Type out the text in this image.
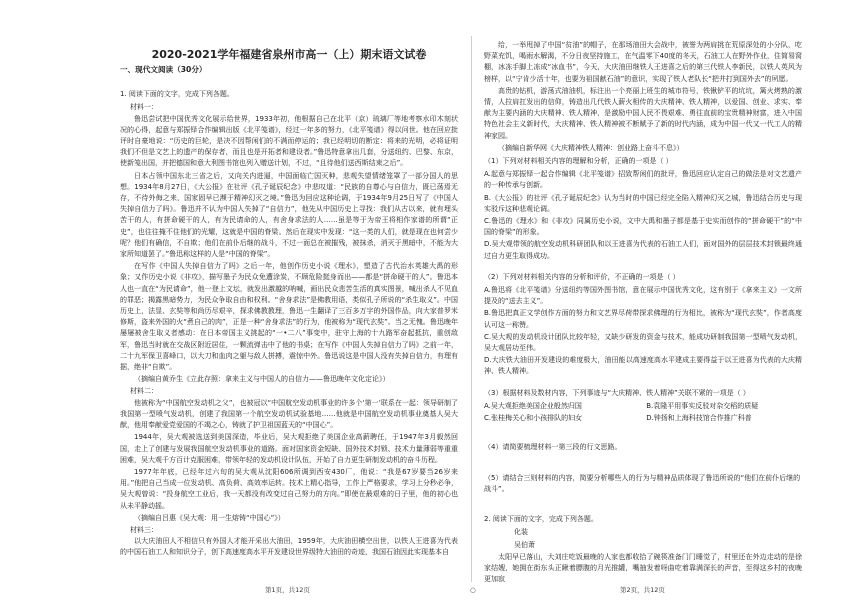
2020-2021学年福建省泉州市高一（上）期末语文试卷
一、现代文阅读（30分）
1. 阅读下面的文字，完成下列各题。
材料一：
鲁迅尝试把中国优秀文化展示给世界，1933年初，他根据自己在北平（京）琉璃厂等地考察水印木刻状况的心得，起意与郑振铎合作编辑出版《北平笺谱》，经过一年多的努力，《北平笺谱》得以问世。他在回应批评时自豪地说：“历史的巨轮，是决不因帮闲们的不满而停运的；我已经明切的断定：将来的光明，必将证明我们不但是文艺上的遗产的保存者，而且也是开拓者和建设者。”鲁迅特意拿出几套，分送纽约、巴黎、东京，使新笺出国，并把德国和意大利图书馆也列入赠送计划，不过，“且待他们送西斯结束之后”。
日本占领中国东北三省之后，又向关内进逼，中国面临亡国灭种，悲观失望情绪笼罩了一部分国人的思想。1934年8月27日，《大公报》在社评《孔子诞辰纪念》中悲叹道：“民族的自尊心与自信力，既已荡焉无存，不待外侮之来，国家固早已濒于精神幻灭之境。”鲁迅为回应这种论调，于1934年9月25日写了《中国人失掉自信力了吗》。鲁迅并不认为中国人失掉了“自信力”，他先从中国历史上寻找：我们从古以来，就有埋头苦干的人，有拼命硬干的人，有为民请命的人，有舍身求法的人……虽是等于为帝王将相作家谱的所谓“正史”，也往往掩不住他们的光耀，这就是中国的脊梁。然后在现实中发现：“这一类的人们，就是现在也何尝少呢？他们有确信，不自欺；他们在前仆后继的战斗，不过一面总在被摧残，被抹杀，消灭于黑暗中，不能为大家所知道罢了。”鲁迅称这样的人是“中国的脊梁”。
在写作《中国人失掉自信力了吗》之后一年，他创作历史小说《理水》，塑造了古代治水英雄大禹的形象；又作历史小说《非攻》，描写墨子为民众免遭涂炭，不顾危险挺身而出——都是“拼命硬干的人”。鲁迅本人也一直在“为民请命”，他一登上文坛，就发出激越的呐喊，画出民众悲苦生活的真实图景，喊出杀人不见血的罪恶；揭露黑暗势力，为民众争取自由和权利。“舍身求法”是佛教用语，类似孔子所说的“杀生取义”。中国历史上，法显、玄奘等和尚历尽艰辛，探求佛教教理，鲁迅一生翻译了三百多万字的外国作品，向大家普罗米修斯，盗来外国的火“煮自己的肉”，正是一种“舍身求法”的行为，他被称为“现代玄奘”。当之无愧。鲁迅晚年屡屡被舍生取义者感动：在日本帝国主义挑起的“一•二八”事变中，驻守上海的十九路军奋起抵抗，重创敌军，鲁迅当时就在交战区附近居住，一颗流弹击中了他的书桌；在写作《中国人失掉自信力了吗》之前一年，二十九军保卫喜峰口，以大刀和血肉之躯与敌人拼搏，震惊中外。鲁迅说这是中国人没有失掉自信力，有理有据，绝非“自欺”。
（摘编自黄乔生《立此存照：拿来主义与中国人的自信力——鲁迅晚年文化定论》）
材料二：
他被称为“中国航空发动机之父”，也被冠以“中国航空发动机事业的许多个‘第一’联系在一起：领导研制了我国第一型喷气发动机，创建了我国第一个航空发动机试验基地……他就是中国航空发动机事业奠基人吴大猷，他用奉献爱党爱国的不竭之心，铸就了护卫祖国蓝天的“中国心”。
1944年，吴大观被选送到美国深造，毕业后，吴大观拒绝了美国企业高薪聘任，于1947年3月毅然回国，走上了创建与发展我国航空发动机事业的道路。面对国家资金短缺、国外技术封锁、技术力量薄弱等重重困难，吴大观千方百计克服困难，带领年轻的发动机设计队伍，开始了自力更生研制发动机的奋斗历程。
1977年年底，已经年过六旬的吴大观从沈阳606所调到西安430厂，他说：“我是67岁要当26岁来用。”他把自己当成一位发动机、高负荷、高效率运转。技术上精心指导，工作上严格要求，学习上分秒必争，吴大观曾说：“投身航空工业后，我一天都没有改变过自己努力的方向。”即使在最艰难的日子里，他的初心也从未平静动摇。
（摘编自吕惠《吴大观：用一生熔铸“中国心”》）
材料三：
以大庆油田人不相信只有外国人才能开采出大油田，1959年，大庆油田横空出世，以铁人王进喜为代表的中国石油工人和知识分子，创下高速度高水平开发建设世界级特大油田的奇迹，我国石油因此实现基本自
给，一举甩掉了中国“贫油”的帽子，在那场油田大会战中，被誉为两肩挑在荒原深处的小分队，吃野菜充饥，喝雨水解渴，不分日夜坚持施工，在气温零下40度的冬天，石油工人在野外作业，住简易窝棚，冰冻手脚上冻成“冰血书”，今天，大庆油田继铁人王进喜之后的第三代铁人李新民，以铁人英风为榜样，以“宁肯少活十年，也要为祖国献石油”的意识，实现了铁人老队长“把井打到国外去”的夙愿。
高贵的钻机，游荡式油油机，标注出一个亮丽上班生的城市符号，铁锹铲平的坑坑，篱火烤熟的激情，人拉肩扛发出的信仰，铸造出几代铁人薪火相传的大庆精神、铁人精神，以爱国、创业、求实、奉献为主要内涵的大庆精神、铁人精神，是激励中国人民不畏艰难、勇往直前的宝贵精神财富，进入中国特色社会主义新时代，大庆精神、铁人精神被不断赋予了新的时代内涵，成为中国一代又一代工人的精神家园。
（摘编自新华网《大庆精神铁人精神：创业路上奋斗不息》）
（1）下列对材料相关内容的理解和分析，正确的一项是（ ）
A.起意与郑振铎一起合作编辑《北平笺谱》招致帮闲们的批评，鲁迅回应认定自己的做法是对文艺遗产的一种传承与创新。
B.《大公报》的社评《孔子诞辰纪念》认为当时的中国已经完全陷入精神幻灭之城，鲁迅结合历史与现实驳斥这种悲观论调。
C.鲁迅的《理水》和《非攻》同属历史小说，文中大禹和墨子都是基于史实而创作的“拼命硬干”的“中国的脊梁”的形象。
D.吴大观带领的航空发动机科研团队和以王进喜为代表的石油工人们，面对国外的层层技术封锁最终通过自力更生取得成功。
（2）下列对材料相关内容的分析和评价，不正确的一项是（ ）
A.鲁迅将《北平笺谱》分送纽约等国外图书馆，意在展示中国优秀文化，这有别于《拿来主义》一文所提及的“送去主义”。
B.鲁迅把真正文学创作方面的努力和文艺界尽荷带探求佛理的行为相比，被称为“现代玄奘”，作者高度认可这一称赞。
C.吴大观的发动机设计团队比较年轻，又缺少研发的资金与技术，能成功研制我国第一型喷气发动机，吴大观居功至伟。
D.大庆铁大油田开发建设的难度极大，油田能以高速度高水平建成主要得益于以王进喜为代表的大庆精神、铁人精神。
（3）根据材料及数材内容，下列事迹与“大庆精神、铁人精神”关联不紧的一项是（ ）
A.吴大观拒绝美国企业般然归国	B.袁隆平用事实反驳对杂交稻的质疑
C.张桂梅关心和小孩排队的妇女	D.钟扬和上海科技馆合作推广科普
（4）请简要梳理材料一第三段的行文思路。
（5）请结合三则材料的内容，简要分析哪些人的行为与精神品质体现了鲁迅所说的“他们在前仆后继的战斗”。
2. 阅读下面的文字，完成下列各题。
化装
吴伯萧
太阳早已落山，大刘庄吃饭最晚的人家也都收拾了碗筷准备门门睡觉了，村里还在外边走动的是徐家结嫂，她拥在街东头正瞅着膘腹的月光推罐，嘴抽发着呀曲吃着靠满深长的声音，至得这乡村的夜晚更加寂
第1页，共12页	○	第2页，共12页
